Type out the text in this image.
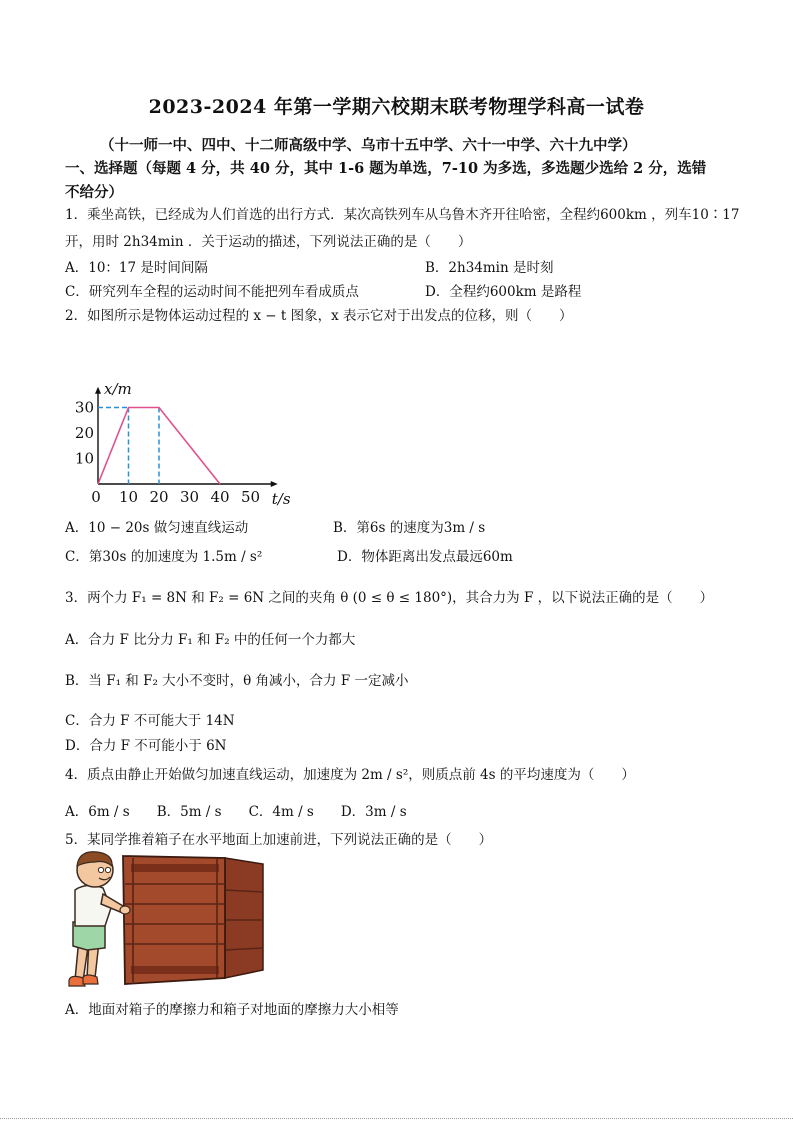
2023-2024 年第一学期六校期末联考物理学科高一试卷
（十一师一中、四中、十二师高级中学、乌市十五中学、六十一中学、六十九中学）
一、选择题（每题 4 分，共 40 分，其中 1-6 题为单选，7-10 为多选，多选题少选给 2 分，选错
不给分）
1．乘坐高铁，已经成为人们首选的出行方式．某次高铁列车从乌鲁木齐开往哈密，全程约600km ，列车10∶17
开，用时 2h34min ．关于运动的描述，下列说法正确的是（　　）
A．10：17 是时间间隔	B．2h34min 是时刻
C．研究列车全程的运动时间不能把列车看成质点	D．全程约600km 是路程
2．如图所示是物体运动过程的 x − t 图象，x 表示它对于出发点的位移，则（　　）
0 10 20 30 40 50
10
20
30
t/s
x/m
A．10 − 20s 做匀速直线运动	B．第6s 的速度为3m / s
C．第30s 的加速度为 1.5m / s²	D．物体距离出发点最远60m
3．两个力 F₁ = 8N 和 F₂ = 6N 之间的夹角 θ (0 ≤ θ ≤ 180°)，其合力为 F ，以下说法正确的是（　　）
A．合力 F 比分力 F₁ 和 F₂ 中的任何一个力都大
B．当 F₁ 和 F₂ 大小不变时，θ 角减小，合力 F 一定减小
C．合力 F 不可能大于 14N
D．合力 F 不可能小于 6N
4．质点由静止开始做匀加速直线运动，加速度为 2m / s²，则质点前 4s 的平均速度为（　　）
A．6m / s　　B．5m / s　　C．4m / s　　D．3m / s
5．某同学推着箱子在水平地面上加速前进，下列说法正确的是（　　）
A．地面对箱子的摩擦力和箱子对地面的摩擦力大小相等
